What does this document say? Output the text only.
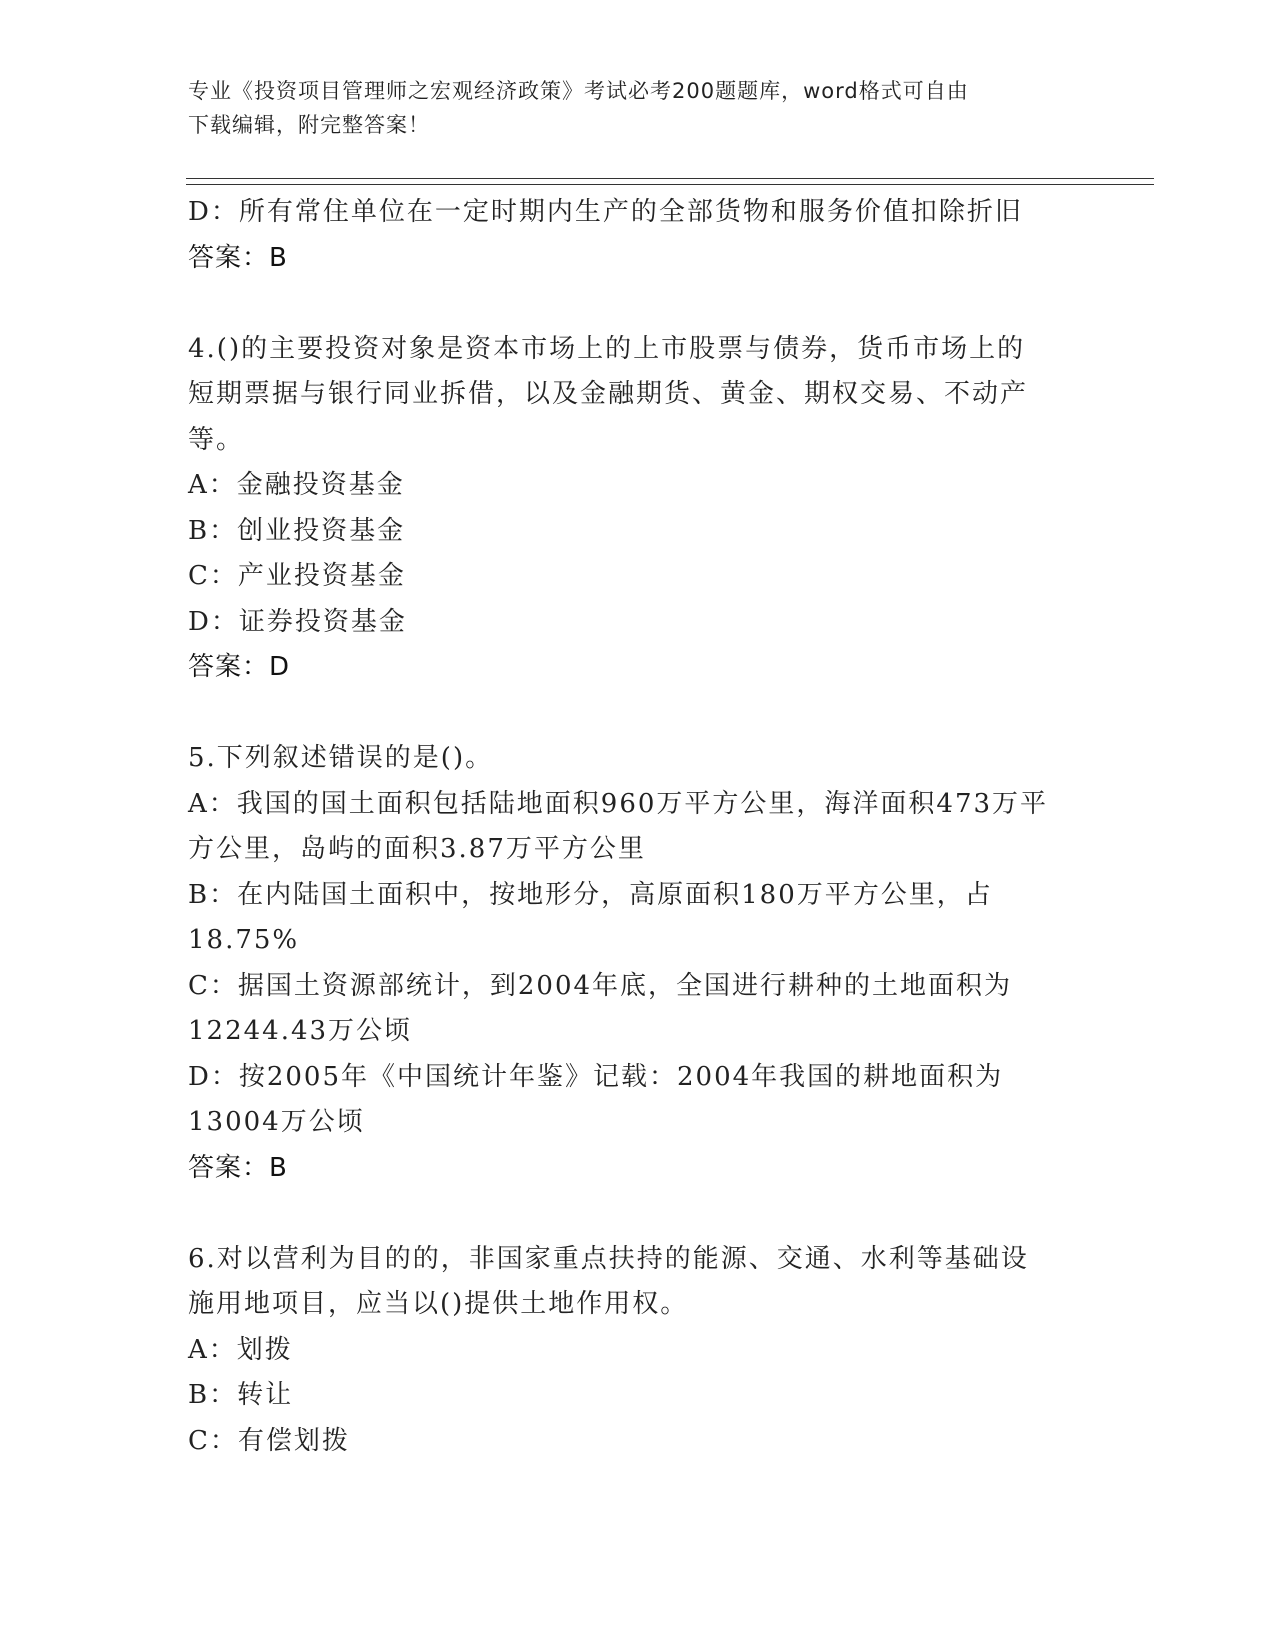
专业《投资项目管理师之宏观经济政策》考试必考200题题库，word格式可自由
下载编辑，附完整答案！
D：所有常住单位在一定时期内生产的全部货物和服务价值扣除折旧
答案：B
4.()的主要投资对象是资本市场上的上市股票与债券，货币市场上的
短期票据与银行同业拆借，以及金融期货、黄金、期权交易、不动产
等。
A：金融投资基金
B：创业投资基金
C：产业投资基金
D：证券投资基金
答案：D
5.下列叙述错误的是()。
A：我国的国土面积包括陆地面积960万平方公里，海洋面积473万平
方公里，岛屿的面积3.87万平方公里
B：在内陆国土面积中，按地形分，高原面积180万平方公里，占
18.75%
C：据国土资源部统计，到2004年底，全国进行耕种的土地面积为
12244.43万公顷
D：按2005年《中国统计年鉴》记载：2004年我国的耕地面积为
13004万公顷
答案：B
6.对以营利为目的的，非国家重点扶持的能源、交通、水利等基础设
施用地项目，应当以()提供土地作用权。
A：划拨
B：转让
C：有偿划拨
